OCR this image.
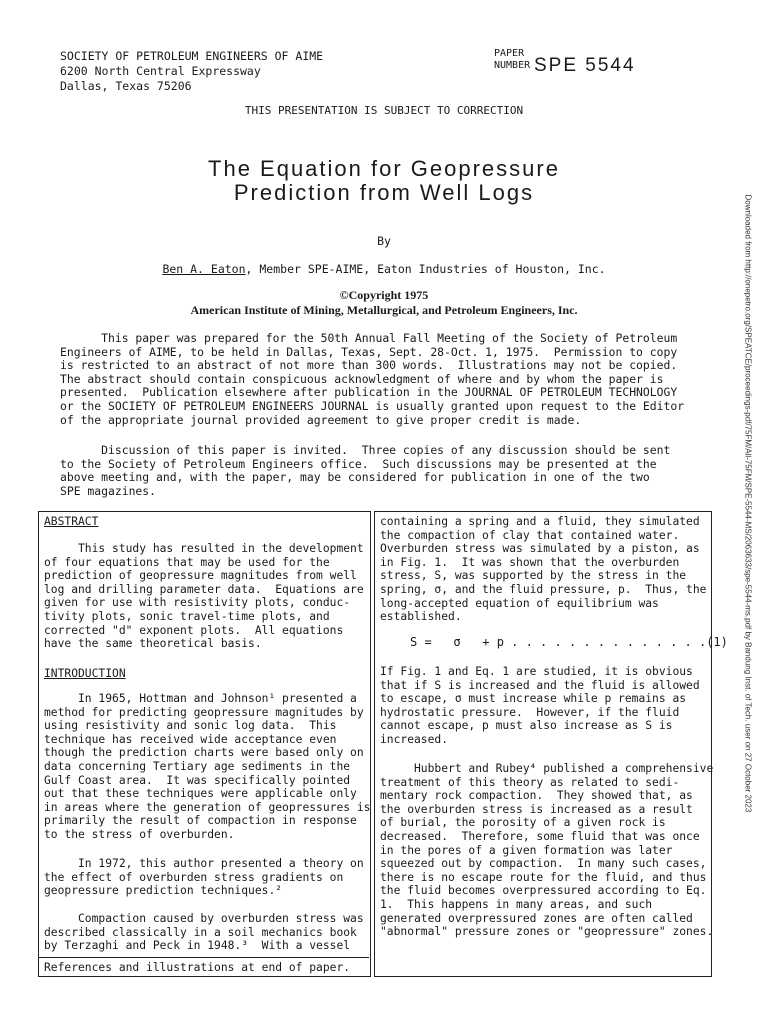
SOCIETY OF PETROLEUM ENGINEERS OF AIME
6200 North Central Expressway
Dallas, Texas 75206
PAPER
NUMBER SPE 5544
THIS PRESENTATION IS SUBJECT TO CORRECTION
The Equation for Geopressure
Prediction from Well Logs
By
Ben A. Eaton, Member SPE-AIME, Eaton Industries of Houston, Inc.
©Copyright 1975
American Institute of Mining, Metallurgical, and Petroleum Engineers, Inc.
This paper was prepared for the 50th Annual Fall Meeting of the Society of Petroleum
Engineers of AIME, to be held in Dallas, Texas, Sept. 28-Oct. 1, 1975.  Permission to copy
is restricted to an abstract of not more than 300 words.  Illustrations may not be copied.
The abstract should contain conspicuous acknowledgment of where and by whom the paper is
presented.  Publication elsewhere after publication in the JOURNAL OF PETROLEUM TECHNOLOGY
or the SOCIETY OF PETROLEUM ENGINEERS JOURNAL is usually granted upon request to the Editor
of the appropriate journal provided agreement to give proper credit is made.
Discussion of this paper is invited.  Three copies of any discussion should be sent
to the Society of Petroleum Engineers office.  Such discussions may be presented at the
above meeting and, with the paper, may be considered for publication in one of the two
SPE magazines.	Downloaded from http://onepetro.org/SPEATCE/proceedings-pdf/75FM/All-75FM/SPE-5544-MS/2063633/spe-5544-ms.pdf by Bandung Inst. of Tech. user on 27 October 2023
ABSTRACT
This study has resulted in the development
of four equations that may be used for the
prediction of geopressure magnitudes from well
log and drilling parameter data.  Equations are
given for use with resistivity plots, conduc-
tivity plots, sonic travel-time plots, and
corrected "d" exponent plots.  All equations
have the same theoretical basis.
INTRODUCTION
In 1965, Hottman and Johnson¹ presented a
method for predicting geopressure magnitudes by
using resistivity and sonic log data.  This
technique has received wide acceptance even
though the prediction charts were based only on
data concerning Tertiary age sediments in the
Gulf Coast area.  It was specifically pointed
out that these techniques were applicable only
in areas where the generation of geopressures is
primarily the result of compaction in response
to the stress of overburden.
In 1972, this author presented a theory on
the effect of overburden stress gradients on
geopressure prediction techniques.²
Compaction caused by overburden stress was
described classically in a soil mechanics book
by Terzaghi and Peck in 1948.³  With a vessel
References and illustrations at end of paper.
containing a spring and a fluid, they simulated
the compaction of clay that contained water.
Overburden stress was simulated by a piston, as
in Fig. 1.  It was shown that the overburden
stress, S, was supported by the stress in the
spring, σ, and the fluid pressure, p.  Thus, the
long-accepted equation of equilibrium was
established.
S =   σ   + p . . . . . . . . . . . . . .(1)
If Fig. 1 and Eq. 1 are studied, it is obvious
that if S is increased and the fluid is allowed
to escape, σ must increase while p remains as
hydrostatic pressure.  However, if the fluid
cannot escape, p must also increase as S is
increased.
Hubbert and Rubey⁴ published a comprehensive
treatment of this theory as related to sedi-
mentary rock compaction.  They showed that, as
the overburden stress is increased as a result
of burial, the porosity of a given rock is
decreased.  Therefore, some fluid that was once
in the pores of a given formation was later
squeezed out by compaction.  In many such cases,
there is no escape route for the fluid, and thus
the fluid becomes overpressured according to Eq.
1.  This happens in many areas, and such
generated overpressured zones are often called
"abnormal" pressure zones or "geopressure" zones.
